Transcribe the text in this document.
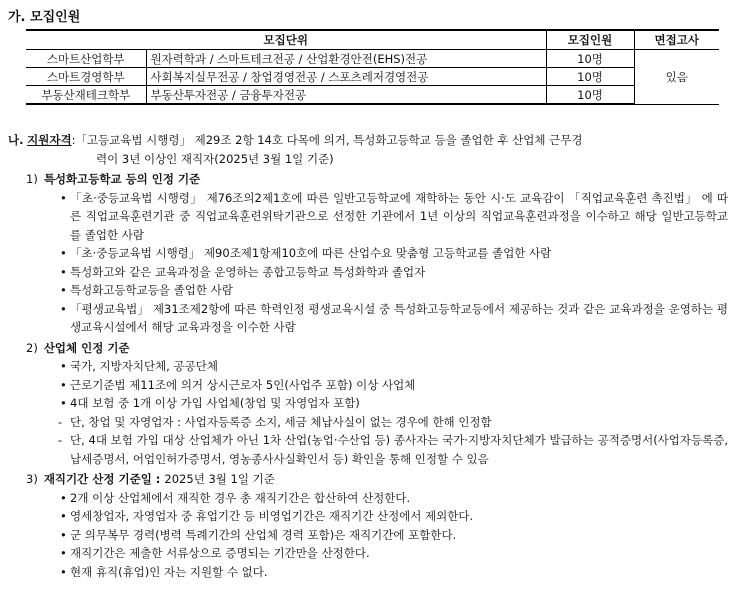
가. 모집인원
모집단위		모집인원	면접고사
스마트산업학부	원자력학과 / 스마트테크전공 / 산업환경안전(EHS)전공	10명	있음
스마트경영학부	사회복지실무전공 / 창업경영전공 / 스포츠레저경영전공	10명	
부동산재테크학부	부동산투자전공 / 금융투자전공	10명	
나. 지원자격:「고등교육법 시행령」 제29조 2항 14호 다목에 의거, 특성화고등학교 등을 졸업한 후 산업체 근무경
력이 3년 이상인 재직자(2025년 3월 1일 기준)
1) 특성화고등학교 등의 인정 기준
• 「초·중등교육법 시행령」 제76조의2제1호에 따른 일반고등학교에 재학하는 동안 시·도 교육감이 「직업교육훈련 촉진법」 에 따른 직업교육훈련기관 중 직업교육훈련위탁기관으로 선정한 기관에서 1년 이상의 직업교육훈련과정을 이수하고 해당 일반고등학교를 졸업한 사람
• 「초·중등교육법 시행령」 제90조제1항제10호에 따른 산업수요 맞춤형 고등학교를 졸업한 사람
• 특성화고와 같은 교육과정을 운영하는 종합고등학교 특성화학과 졸업자
• 특성화고등학교등을 졸업한 사람
• 「평생교육법」 제31조제2항에 따른 학력인정 평생교육시설 중 특성화고등학교등에서 제공하는 것과 같은 교육과정을 운영하는 평생교육시설에서 해당 교육과정을 이수한 사람
2) 산업체 인정 기준
• 국가, 지방자치단체, 공공단체
• 근로기준법 제11조에 의거 상시근로자 5인(사업주 포함) 이상 사업체
• 4대 보험 중 1개 이상 가입 사업체(창업 및 자영업자 포함)
- 단, 창업 및 자영업자 : 사업자등록증 소지, 세금 체납사실이 없는 경우에 한해 인정함
- 단, 4대 보험 가입 대상 산업체가 아닌 1차 산업(농업·수산업 등) 종사자는 국가·지방자치단체가 발급하는 공적증명서(사업자등록증, 납세증명서, 어업인허가증명서, 영농종사사실확인서 등) 확인을 통해 인정할 수 있음
3) 재직기간 산정 기준일 : 2025년 3월 1일 기준
• 2개 이상 산업체에서 재직한 경우 총 재직기간은 합산하여 산정한다.
• 영세창업자, 자영업자 중 휴업기간 등 비영업기간은 재직기간 산정에서 제외한다.
• 군 의무복무 경력(병력 특례기간의 산업체 경력 포함)은 재직기간에 포함한다.
• 재직기간은 제출한 서류상으로 증명되는 기간만을 산정한다.
• 현재 휴직(휴업)인 자는 지원할 수 없다.
